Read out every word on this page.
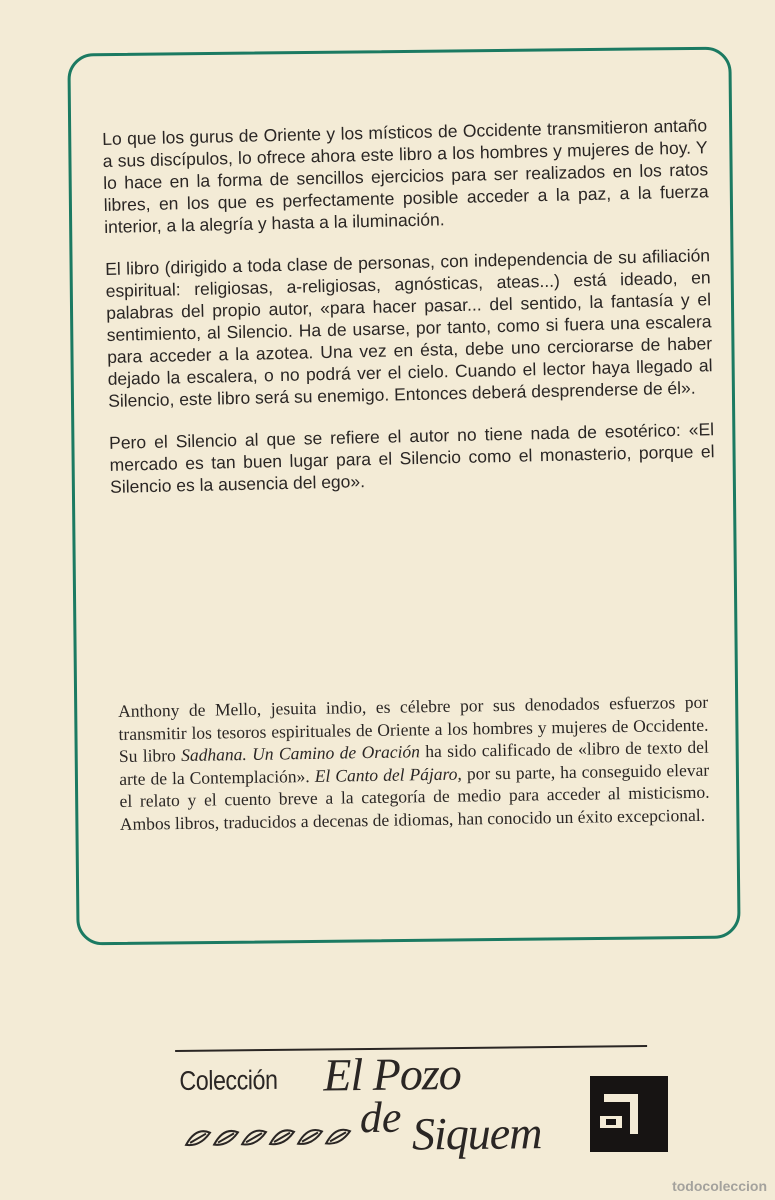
Lo que los gurus de Oriente y los místicos de Occidente transmitieron antaño a sus discípulos, lo ofrece ahora este libro a los hombres y mujeres de hoy. Y lo hace en la forma de sencillos ejercicios para ser realizados en los ratos libres, en los que es perfectamente posible acceder a la paz, a la fuerza interior, a la alegría y hasta a la iluminación.

El libro (dirigido a toda clase de personas, con independencia de su afiliación espiritual: religiosas, a-religiosas, agnósticas, ateas...) está ideado, en palabras del propio autor, «para hacer pasar... del sentido, la fantasía y el sentimiento, al Silencio. Ha de usarse, por tanto, como si fuera una escalera para acceder a la azotea. Una vez en ésta, debe uno cerciorarse de haber dejado la escalera, o no podrá ver el cielo. Cuando el lector haya llegado al Silencio, este libro será su enemigo. Entonces deberá desprenderse de él».

Pero el Silencio al que se refiere el autor no tiene nada de esotérico: «El mercado es tan buen lugar para el Silencio como el monasterio, porque el Silencio es la ausencia del ego».

Anthony de Mello, jesuita indio, es célebre por sus denodados esfuerzos por transmitir los tesoros espirituales de Oriente a los hombres y mujeres de Occidente. Su libro Sadhana. Un Camino de Oración ha sido calificado de «libro de texto del arte de la Contemplación». El Canto del Pájaro, por su parte, ha conseguido elevar el relato y el cuento breve a la categoría de medio para acceder al misticismo. Ambos libros, traducidos a decenas de idiomas, han conocido un éxito excepcional.
Colección El Pozo
de Siquem
todocoleccion
